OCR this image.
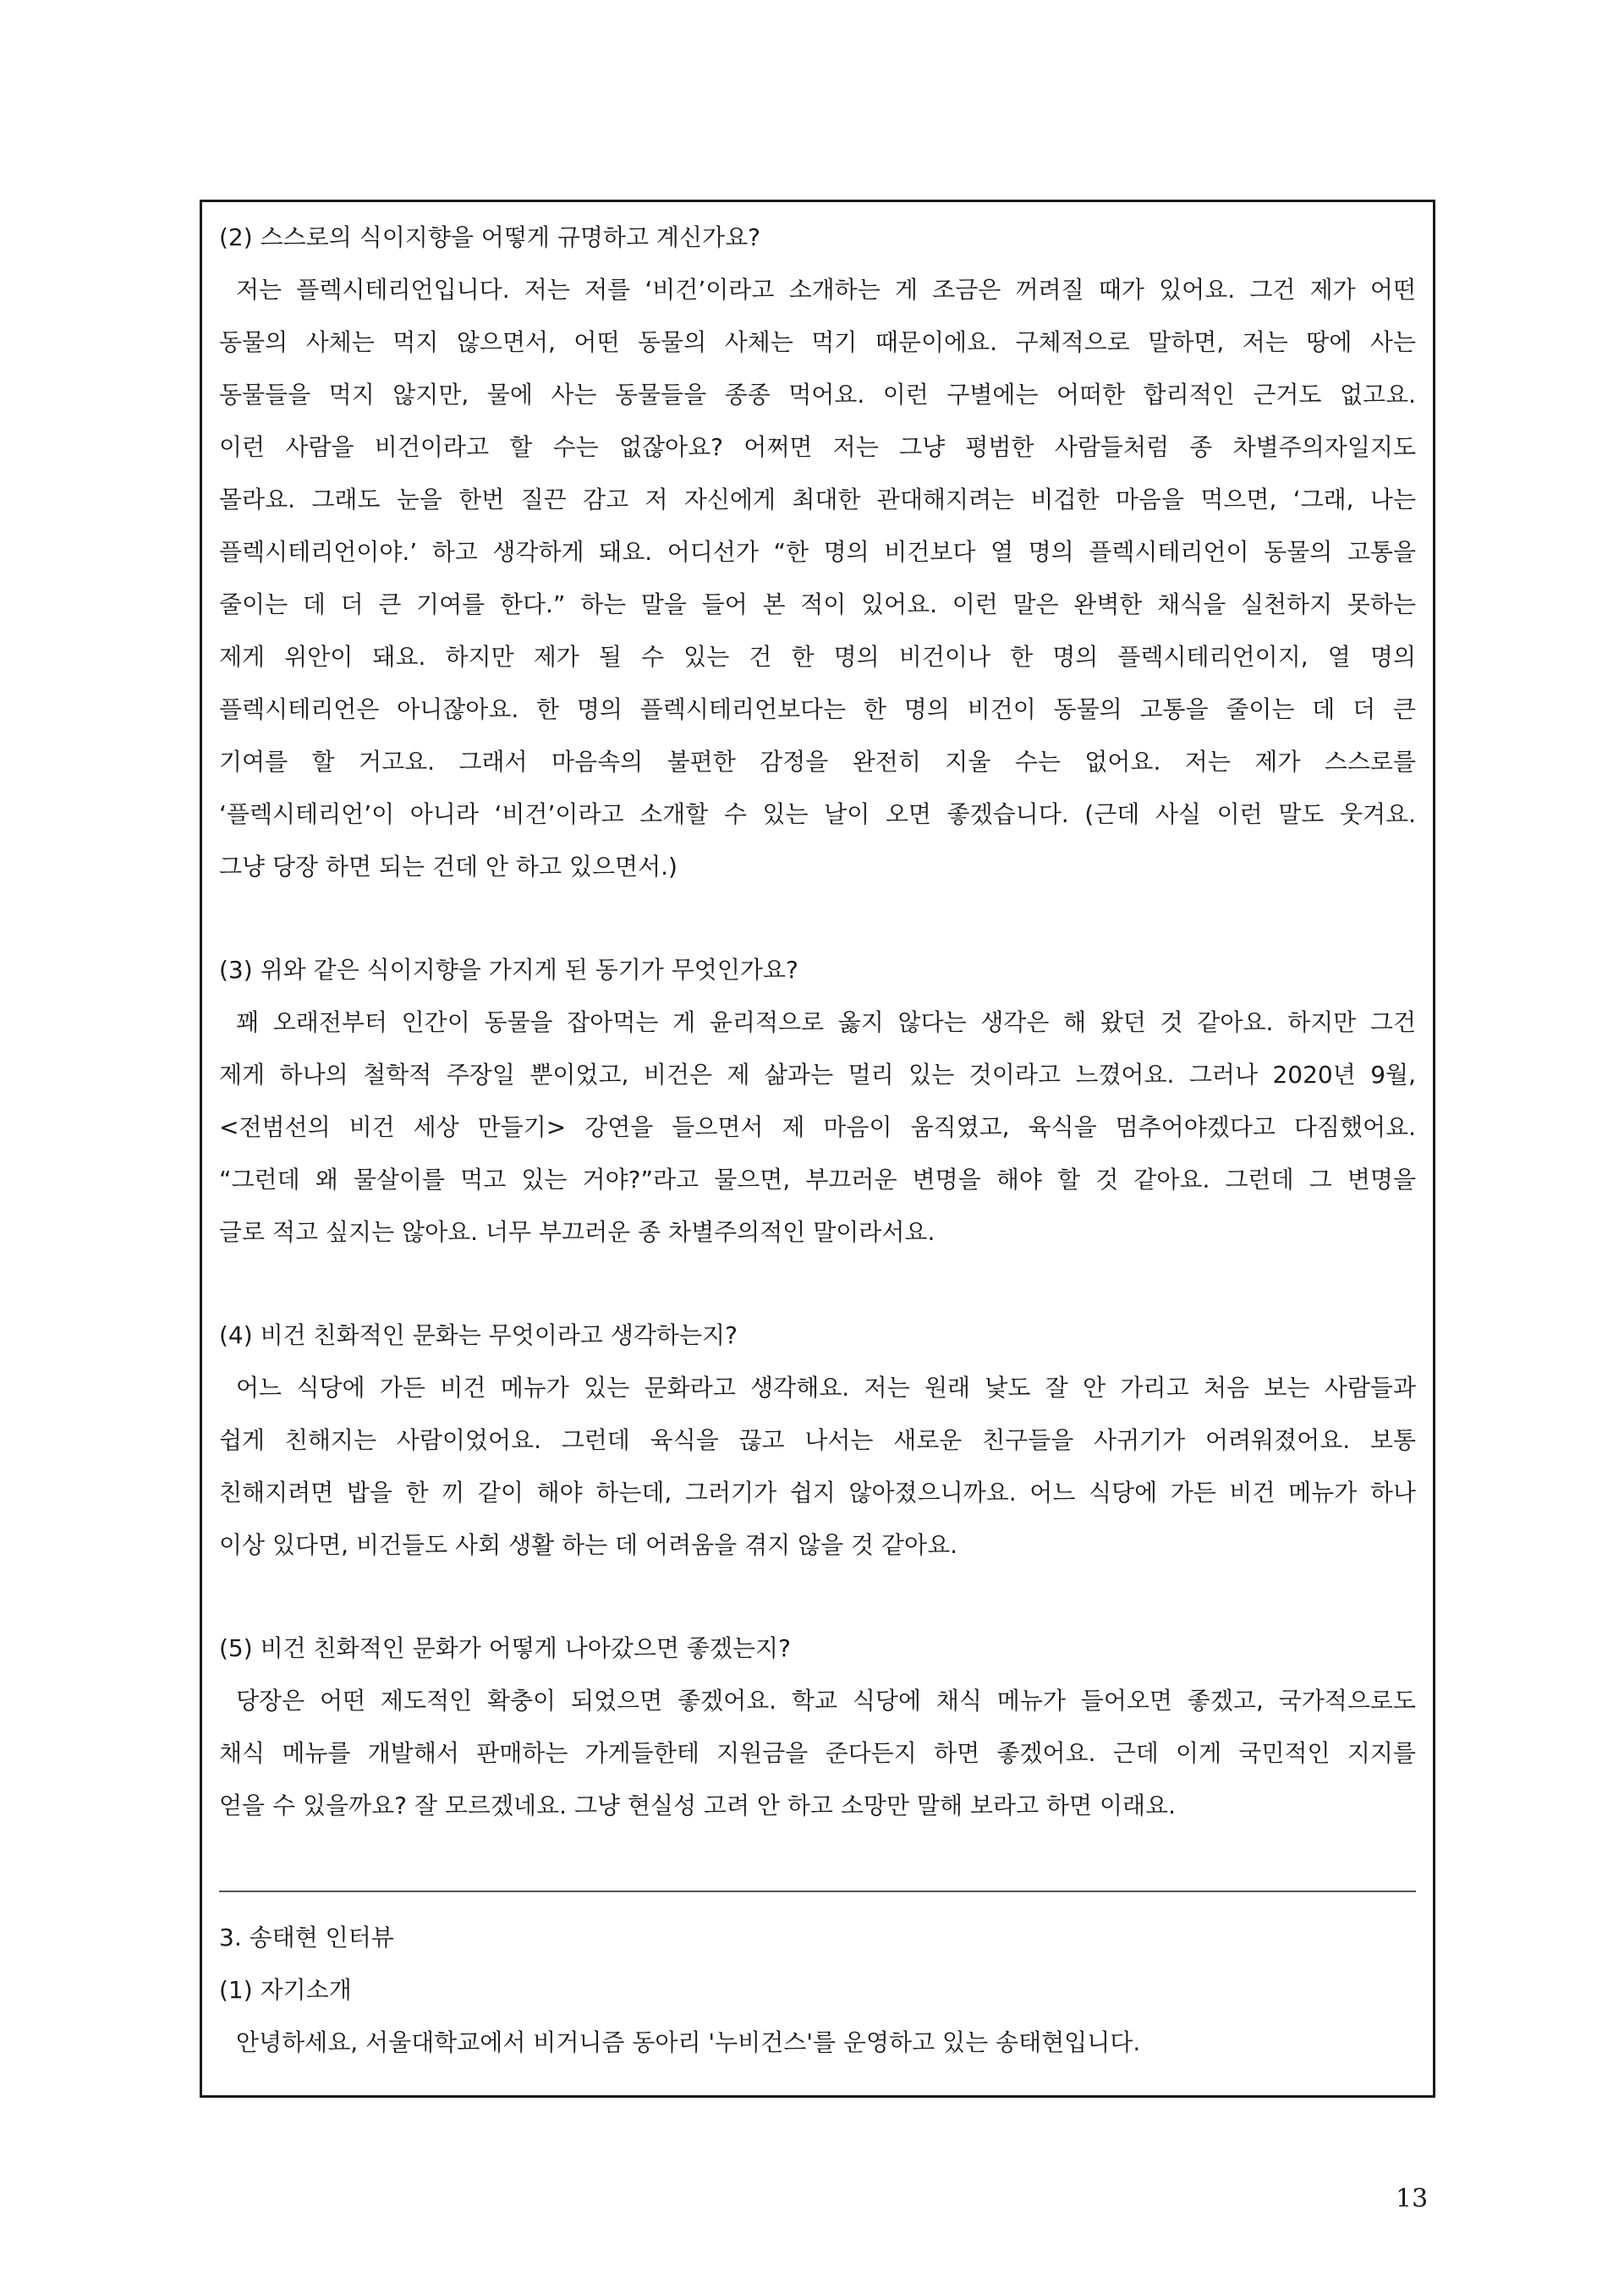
(2) 스스로의 식이지향을 어떻게 규명하고 계신가요?
저는 플렉시테리언입니다. 저는 저를 ‘비건’이라고 소개하는 게 조금은 꺼려질 때가 있어요. 그건 제가 어떤
동물의 사체는 먹지 않으면서, 어떤 동물의 사체는 먹기 때문이에요. 구체적으로 말하면, 저는 땅에 사는
동물들을 먹지 않지만, 물에 사는 동물들을 종종 먹어요. 이런 구별에는 어떠한 합리적인 근거도 없고요.
이런 사람을 비건이라고 할 수는 없잖아요? 어쩌면 저는 그냥 평범한 사람들처럼 종 차별주의자일지도
몰라요. 그래도 눈을 한번 질끈 감고 저 자신에게 최대한 관대해지려는 비겁한 마음을 먹으면, ‘그래, 나는
플렉시테리언이야.’ 하고 생각하게 돼요. 어디선가 “한 명의 비건보다 열 명의 플렉시테리언이 동물의 고통을
줄이는 데 더 큰 기여를 한다.” 하는 말을 들어 본 적이 있어요. 이런 말은 완벽한 채식을 실천하지 못하는
제게 위안이 돼요. 하지만 제가 될 수 있는 건 한 명의 비건이나 한 명의 플렉시테리언이지, 열 명의
플렉시테리언은 아니잖아요. 한 명의 플렉시테리언보다는 한 명의 비건이 동물의 고통을 줄이는 데 더 큰
기여를 할 거고요. 그래서 마음속의 불편한 감정을 완전히 지울 수는 없어요. 저는 제가 스스로를
‘플렉시테리언’이 아니라 ‘비건’이라고 소개할 수 있는 날이 오면 좋겠습니다. (근데 사실 이런 말도 웃겨요.
그냥 당장 하면 되는 건데 안 하고 있으면서.)
(3) 위와 같은 식이지향을 가지게 된 동기가 무엇인가요?
꽤 오래전부터 인간이 동물을 잡아먹는 게 윤리적으로 옳지 않다는 생각은 해 왔던 것 같아요. 하지만 그건
제게 하나의 철학적 주장일 뿐이었고, 비건은 제 삶과는 멀리 있는 것이라고 느꼈어요. 그러나 2020년 9월,
<전범선의 비건 세상 만들기> 강연을 들으면서 제 마음이 움직였고, 육식을 멈추어야겠다고 다짐했어요.
“그런데 왜 물살이를 먹고 있는 거야?”라고 물으면, 부끄러운 변명을 해야 할 것 같아요. 그런데 그 변명을
글로 적고 싶지는 않아요. 너무 부끄러운 종 차별주의적인 말이라서요.
(4) 비건 친화적인 문화는 무엇이라고 생각하는지?
어느 식당에 가든 비건 메뉴가 있는 문화라고 생각해요. 저는 원래 낯도 잘 안 가리고 처음 보는 사람들과
쉽게 친해지는 사람이었어요. 그런데 육식을 끊고 나서는 새로운 친구들을 사귀기가 어려워졌어요. 보통
친해지려면 밥을 한 끼 같이 해야 하는데, 그러기가 쉽지 않아졌으니까요. 어느 식당에 가든 비건 메뉴가 하나
이상 있다면, 비건들도 사회 생활 하는 데 어려움을 겪지 않을 것 같아요.
(5) 비건 친화적인 문화가 어떻게 나아갔으면 좋겠는지?
당장은 어떤 제도적인 확충이 되었으면 좋겠어요. 학교 식당에 채식 메뉴가 들어오면 좋겠고, 국가적으로도
채식 메뉴를 개발해서 판매하는 가게들한테 지원금을 준다든지 하면 좋겠어요. 근데 이게 국민적인 지지를
얻을 수 있을까요? 잘 모르겠네요. 그냥 현실성 고려 안 하고 소망만 말해 보라고 하면 이래요.
3. 송태현 인터뷰
(1) 자기소개
안녕하세요, 서울대학교에서 비거니즘 동아리 '누비건스'를 운영하고 있는 송태현입니다.
13
